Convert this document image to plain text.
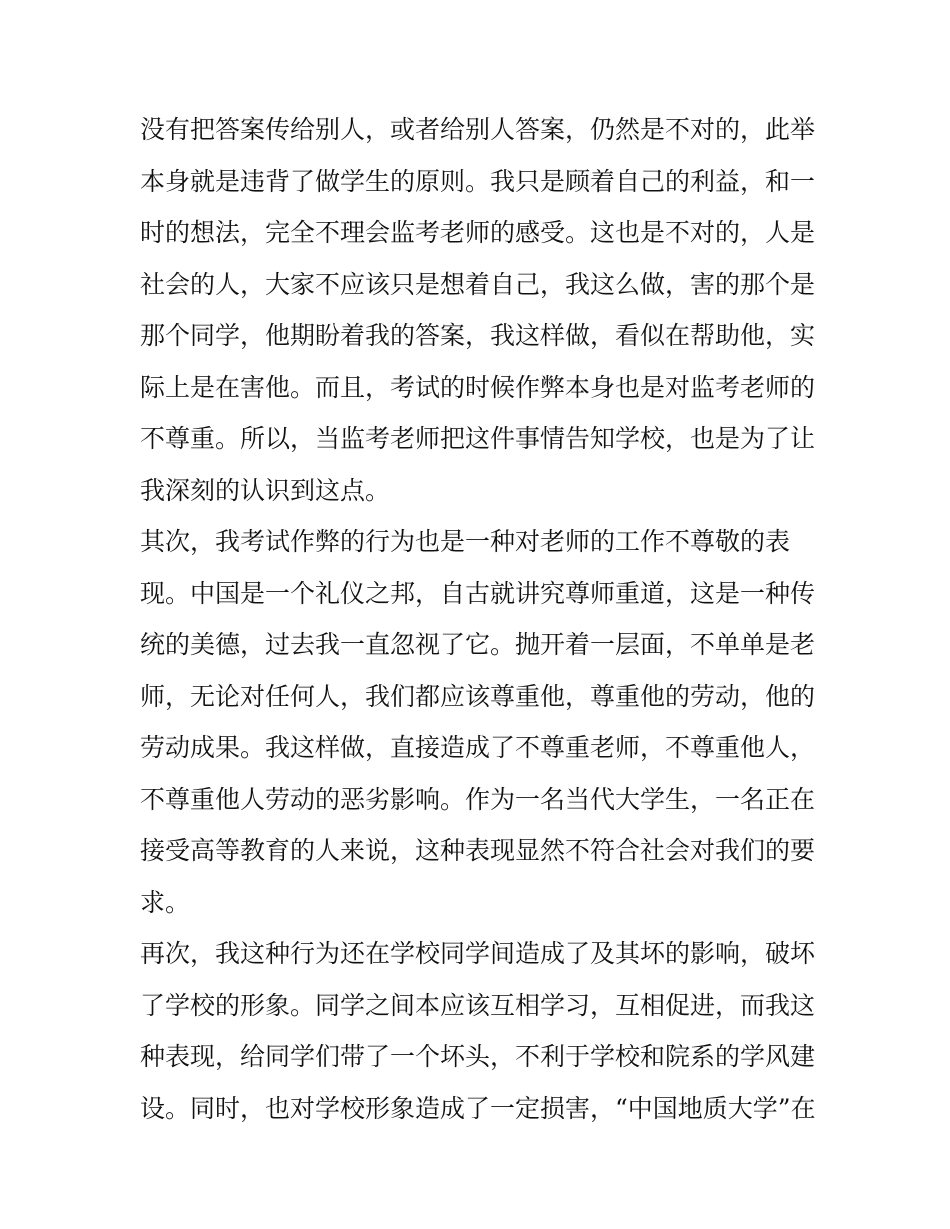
没有把答案传给别人，或者给别人答案，仍然是不对的，此举
本身就是违背了做学生的原则。我只是顾着自己的利益，和一
时的想法，完全不理会监考老师的感受。这也是不对的，人是
社会的人，大家不应该只是想着自己，我这么做，害的那个是
那个同学，他期盼着我的答案，我这样做，看似在帮助他，实
际上是在害他。而且，考试的时候作弊本身也是对监考老师的
不尊重。所以，当监考老师把这件事情告知学校，也是为了让
我深刻的认识到这点。
其次，我考试作弊的行为也是一种对老师的工作不尊敬的表
现。中国是一个礼仪之邦，自古就讲究尊师重道，这是一种传
统的美德，过去我一直忽视了它。抛开着一层面，不单单是老
师，无论对任何人，我们都应该尊重他，尊重他的劳动，他的
劳动成果。我这样做，直接造成了不尊重老师，不尊重他人，
不尊重他人劳动的恶劣影响。作为一名当代大学生，一名正在
接受高等教育的人来说，这种表现显然不符合社会对我们的要
求。
再次，我这种行为还在学校同学间造成了及其坏的影响，破坏
了学校的形象。同学之间本应该互相学习，互相促进，而我这
种表现，给同学们带了一个坏头，不利于学校和院系的学风建
设。同时，也对学校形象造成了一定损害，“中国地质大学”在
